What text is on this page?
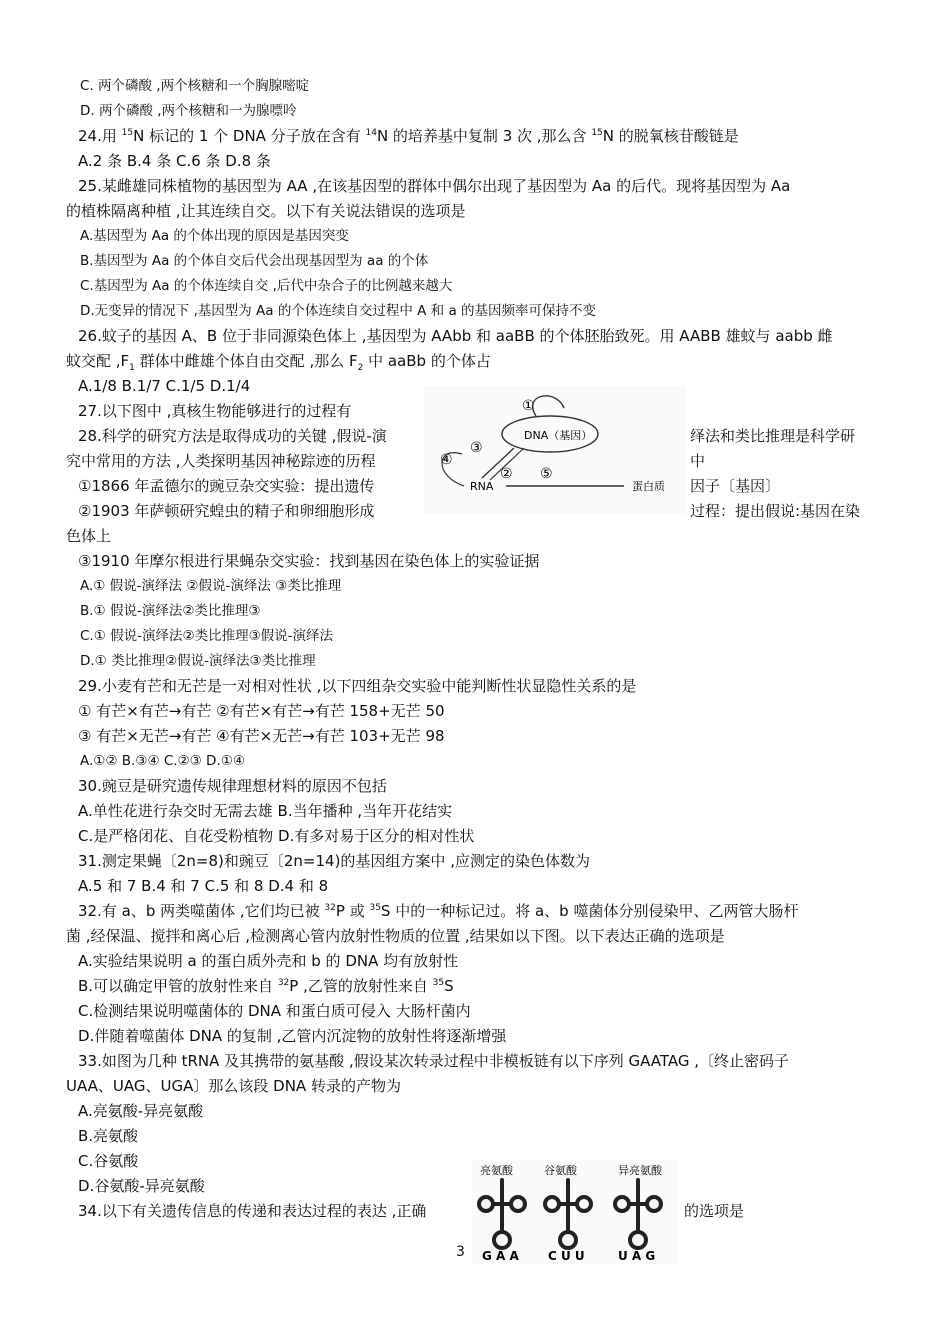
C. 两个磷酸 ,两个核糖和一个胸腺嘧啶
D. 两个磷酸 ,两个核糖和一为腺嘌呤
24.用 $^{15}$N 标记的 1 个 DNA 分子放在含有 $^{14}$N 的培养基中复制 3 次 ,那么含 $^{15}$N 的脱氧核苷酸链是
A.2 条 B.4 条 C.6 条 D.8 条
25.某雌雄同株植物的基因型为 AA ,在该基因型的群体中偶尔出现了基因型为 Aa 的后代。现将基因型为 Aa
的植株隔离种植 ,让其连续自交。以下有关说法错误的选项是
A.基因型为 Aa 的个体出现的原因是基因突变
B.基因型为 Aa 的个体自交后代会出现基因型为 aa 的个体
C.基因型为 Aa 的个体连续自交 ,后代中杂合子的比例越来越大
D.无变异的情况下 ,基因型为 Aa 的个体连续自交过程中 A 和 a 的基因频率可保持不变
26.蚊子的基因 A、B 位于非同源染色体上 ,基因型为 AAbb 和 aaBB 的个体胚胎致死。用 AABB 雄蚊与 aabb 雌
蚊交配 $,F_1$ 群体中雌雄个体自由交配 ,那么 $F_2$ 中 aaBb 的个体占
A.1/8 B.1/7 C.1/5 D.1/4
27.以下图中 ,真核生物能够进行的过程有
28.科学的研究方法是取得成功的关键 ,假说-演	绎法和类比推理是科学研
究中常用的方法 ,人类探明基因神秘踪迹的历程	中
①1866 年孟德尔的豌豆杂交实验：提出遗传	因子〔基因〕
②1903 年萨顿研究蝗虫的精子和卵细胞形成	过程：提出假说:基因在染
色体上
③1910 年摩尔根进行果蝇杂交实验：找到基因在染色体上的实验证据
A.① 假说-演绎法 ②假说-演绎法 ③类比推理
B.① 假说-演绎法②类比推理③
C.① 假说-演绎法②类比推理③假说-演绎法
D.① 类比推理②假说-演绎法③类比推理
29.小麦有芒和无芒是一对相对性状 ,以下四组杂交实验中能判断性状显隐性关系的是
① 有芒×有芒→有芒 ②有芒×有芒→有芒 158+无芒 50
③ 有芒×无芒→有芒 ④有芒×无芒→有芒 103+无芒 98
A.①② B.③④ C.②③ D.①④
30.豌豆是研究遗传规律理想材料的原因不包括
A.单性花进行杂交时无需去雄 B.当年播种 ,当年开花结实
C.是严格闭花、自花受粉植物 D.有多对易于区分的相对性状
31.测定果蝇〔2n=8)和豌豆〔2n=14)的基因组方案中 ,应测定的染色体数为
A.5 和 7 B.4 和 7 C.5 和 8 D.4 和 8
32.有 a、b 两类噬菌体 ,它们均已被 $^{32}$P 或 $^{35}$S 中的一种标记过。将 a、b 噬菌体分别侵染甲、乙两管大肠杆
菌 ,经保温、搅拌和离心后 ,检测离心管内放射性物质的位置 ,结果如以下图。以下表达正确的选项是
A.实验结果说明 a 的蛋白质外壳和 b 的 DNA 均有放射性
B.可以确定甲管的放射性来自 $^{32}$P ,乙管的放射性来自 $^{35}$S
C.检测结果说明噬菌体的 DNA 和蛋白质可侵入 大肠杆菌内
D.伴随着噬菌体 DNA 的复制 ,乙管内沉淀物的放射性将逐渐增强
33.如图为几种 tRNA 及其携带的氨基酸 ,假设某次转录过程中非模板链有以下序列 GAATAG ,〔终止密码子
UAA、UAG、UGA〕那么该段 DNA 转录的产物为
A.亮氨酸-异亮氨酸
B.亮氨酸
C.谷氨酸
D.谷氨酸-异亮氨酸
34.以下有关遗传信息的传递和表达过程的表达 ,正确	的选项是
DNA（基因）
RNA	蛋白质
①
②
③
④
⑤
亮氨酸	谷氨酸	异亮氨酸
G A A C U U	U A G
3
